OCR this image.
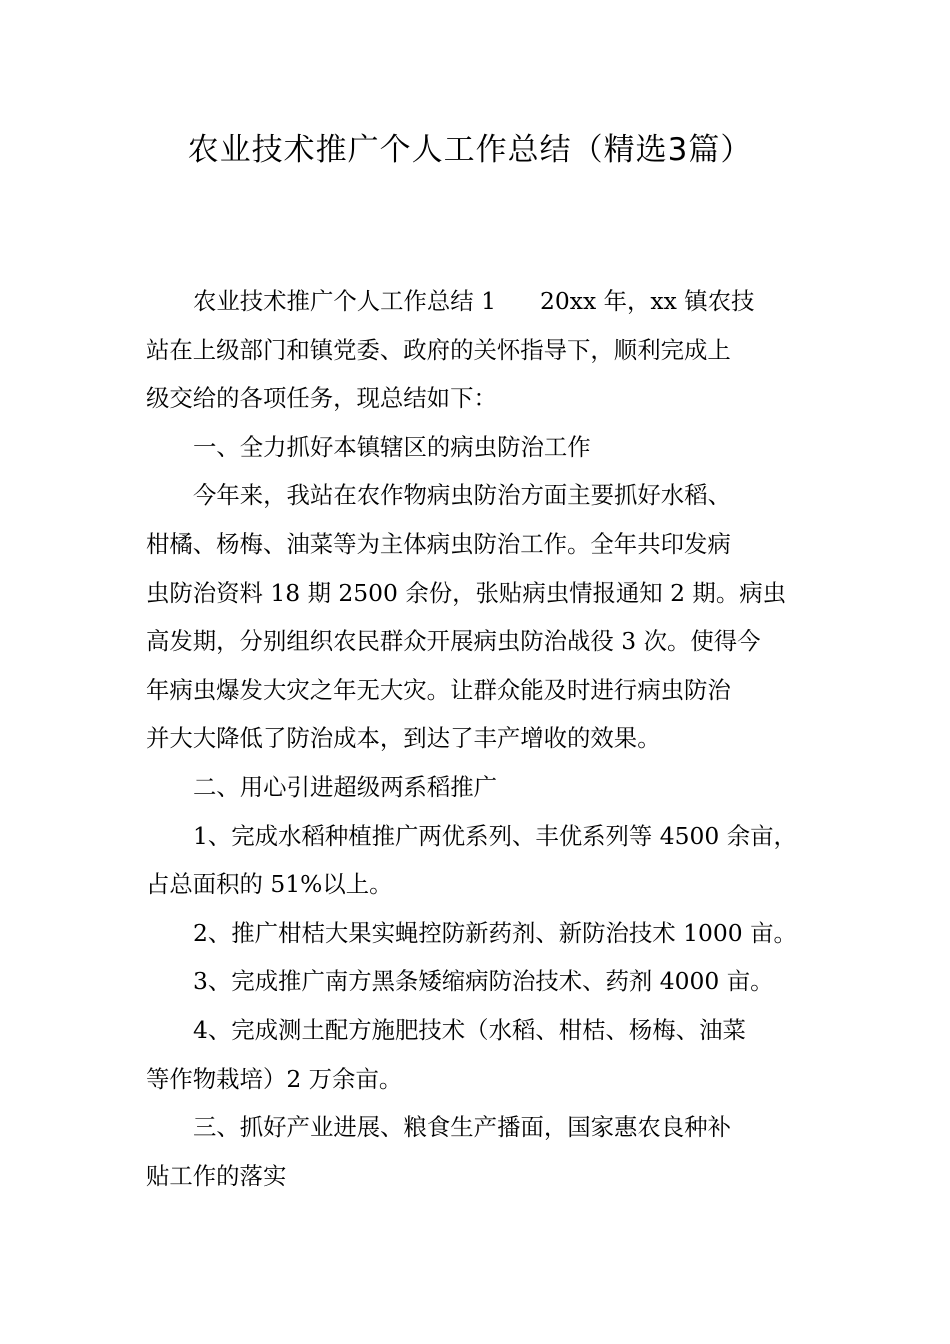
农业技术推广个人工作总结（精选3篇）
农业技术推广个人工作总结 1 20xx 年，xx 镇农技
站在上级部门和镇党委、政府的关怀指导下，顺利完成上
级交给的各项任务，现总结如下：
一、全力抓好本镇辖区的病虫防治工作
今年来，我站在农作物病虫防治方面主要抓好水稻、
柑橘、杨梅、油菜等为主体病虫防治工作。全年共印发病
虫防治资料 18 期 2500 余份，张贴病虫情报通知 2 期。病虫
高发期，分别组织农民群众开展病虫防治战役 3 次。使得今
年病虫爆发大灾之年无大灾。让群众能及时进行病虫防治
并大大降低了防治成本，到达了丰产增收的效果。
二、用心引进超级两系稻推广
1、完成水稻种植推广两优系列、丰优系列等 4500 余亩，
占总面积的 51%以上。
2、推广柑桔大果实蝇控防新药剂、新防治技术 1000 亩。
3、完成推广南方黑条矮缩病防治技术、药剂 4000 亩。
4、完成测土配方施肥技术（水稻、柑桔、杨梅、油菜
等作物栽培）2 万余亩。
三、抓好产业进展、粮食生产播面，国家惠农良种补
贴工作的落实
